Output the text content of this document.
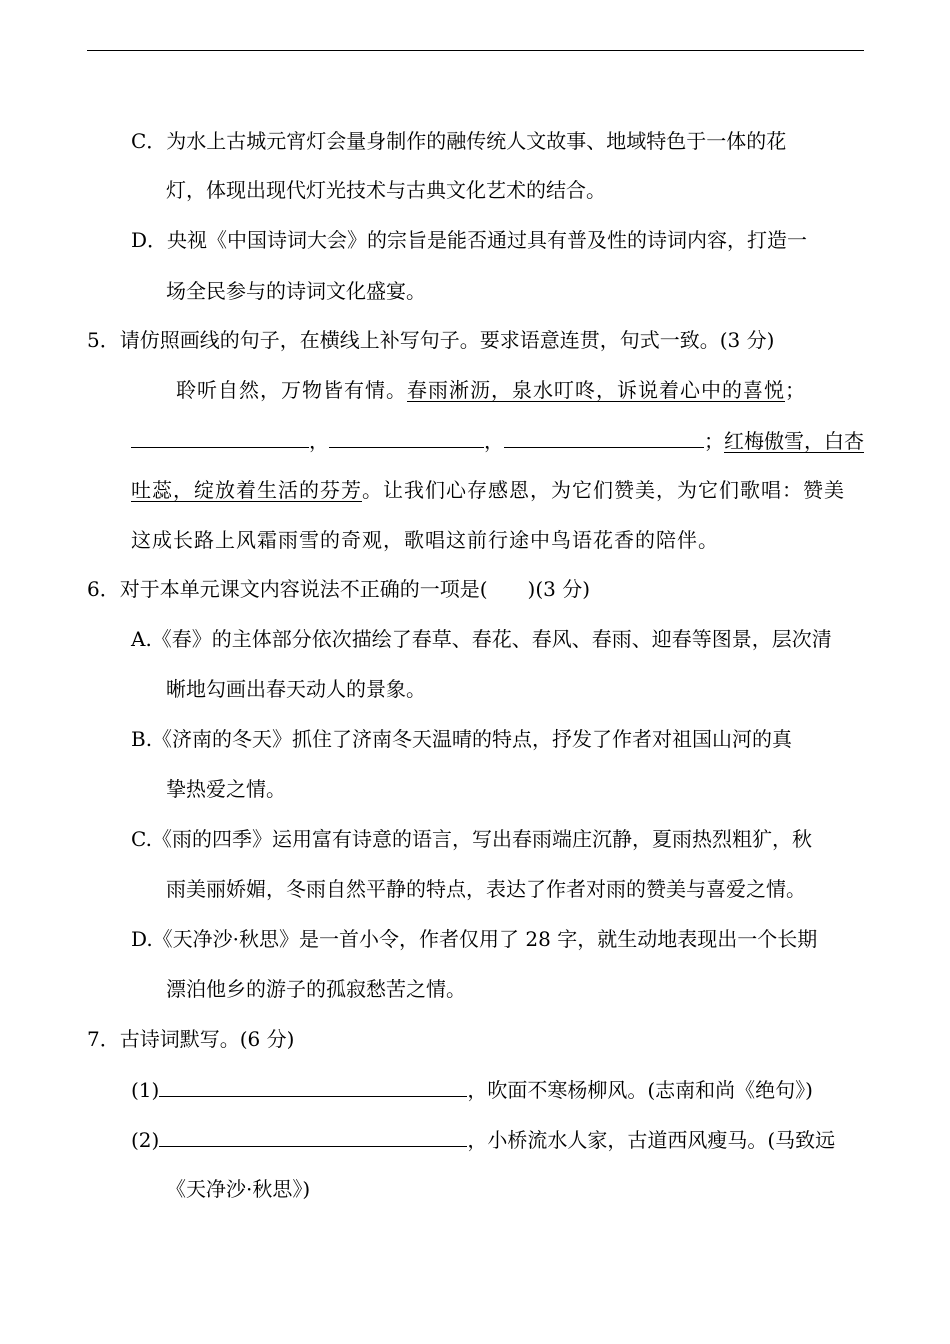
C．为水上古城元宵灯会量身制作的融传统人文故事、地域特色于一体的花
灯，体现出现代灯光技术与古典文化艺术的结合。
D．央视《中国诗词大会》的宗旨是能否通过具有普及性的诗词内容，打造一
场全民参与的诗词文化盛宴。
5．请仿照画线的句子，在横线上补写句子。要求语意连贯，句式一致。(3 分)
聆听自然，万物皆有情。春雨淅沥，泉水叮咚，诉说着心中的喜悦；
，	，	；红梅傲雪，白杏
吐蕊，绽放着生活的芬芳。让我们心存感恩，为它们赞美，为它们歌唱：赞美
这成长路上风霜雨雪的奇观，歌唱这前行途中鸟语花香的陪伴。
6．对于本单元课文内容说法不正确的一项是(　　)(3 分)
A.《春》的主体部分依次描绘了春草、春花、春风、春雨、迎春等图景，层次清
晰地勾画出春天动人的景象。
B.《济南的冬天》抓住了济南冬天温晴的特点，抒发了作者对祖国山河的真
挚热爱之情。
C.《雨的四季》运用富有诗意的语言，写出春雨端庄沉静，夏雨热烈粗犷，秋
雨美丽娇媚，冬雨自然平静的特点，表达了作者对雨的赞美与喜爱之情。
D.《天净沙·秋思》是一首小令，作者仅用了 28 字，就生动地表现出一个长期
漂泊他乡的游子的孤寂愁苦之情。
7．古诗词默写。(6 分)
(1)	，吹面不寒杨柳风。(志南和尚《绝句》)
(2)	，小桥流水人家，古道西风瘦马。(马致远
《天净沙·秋思》)
